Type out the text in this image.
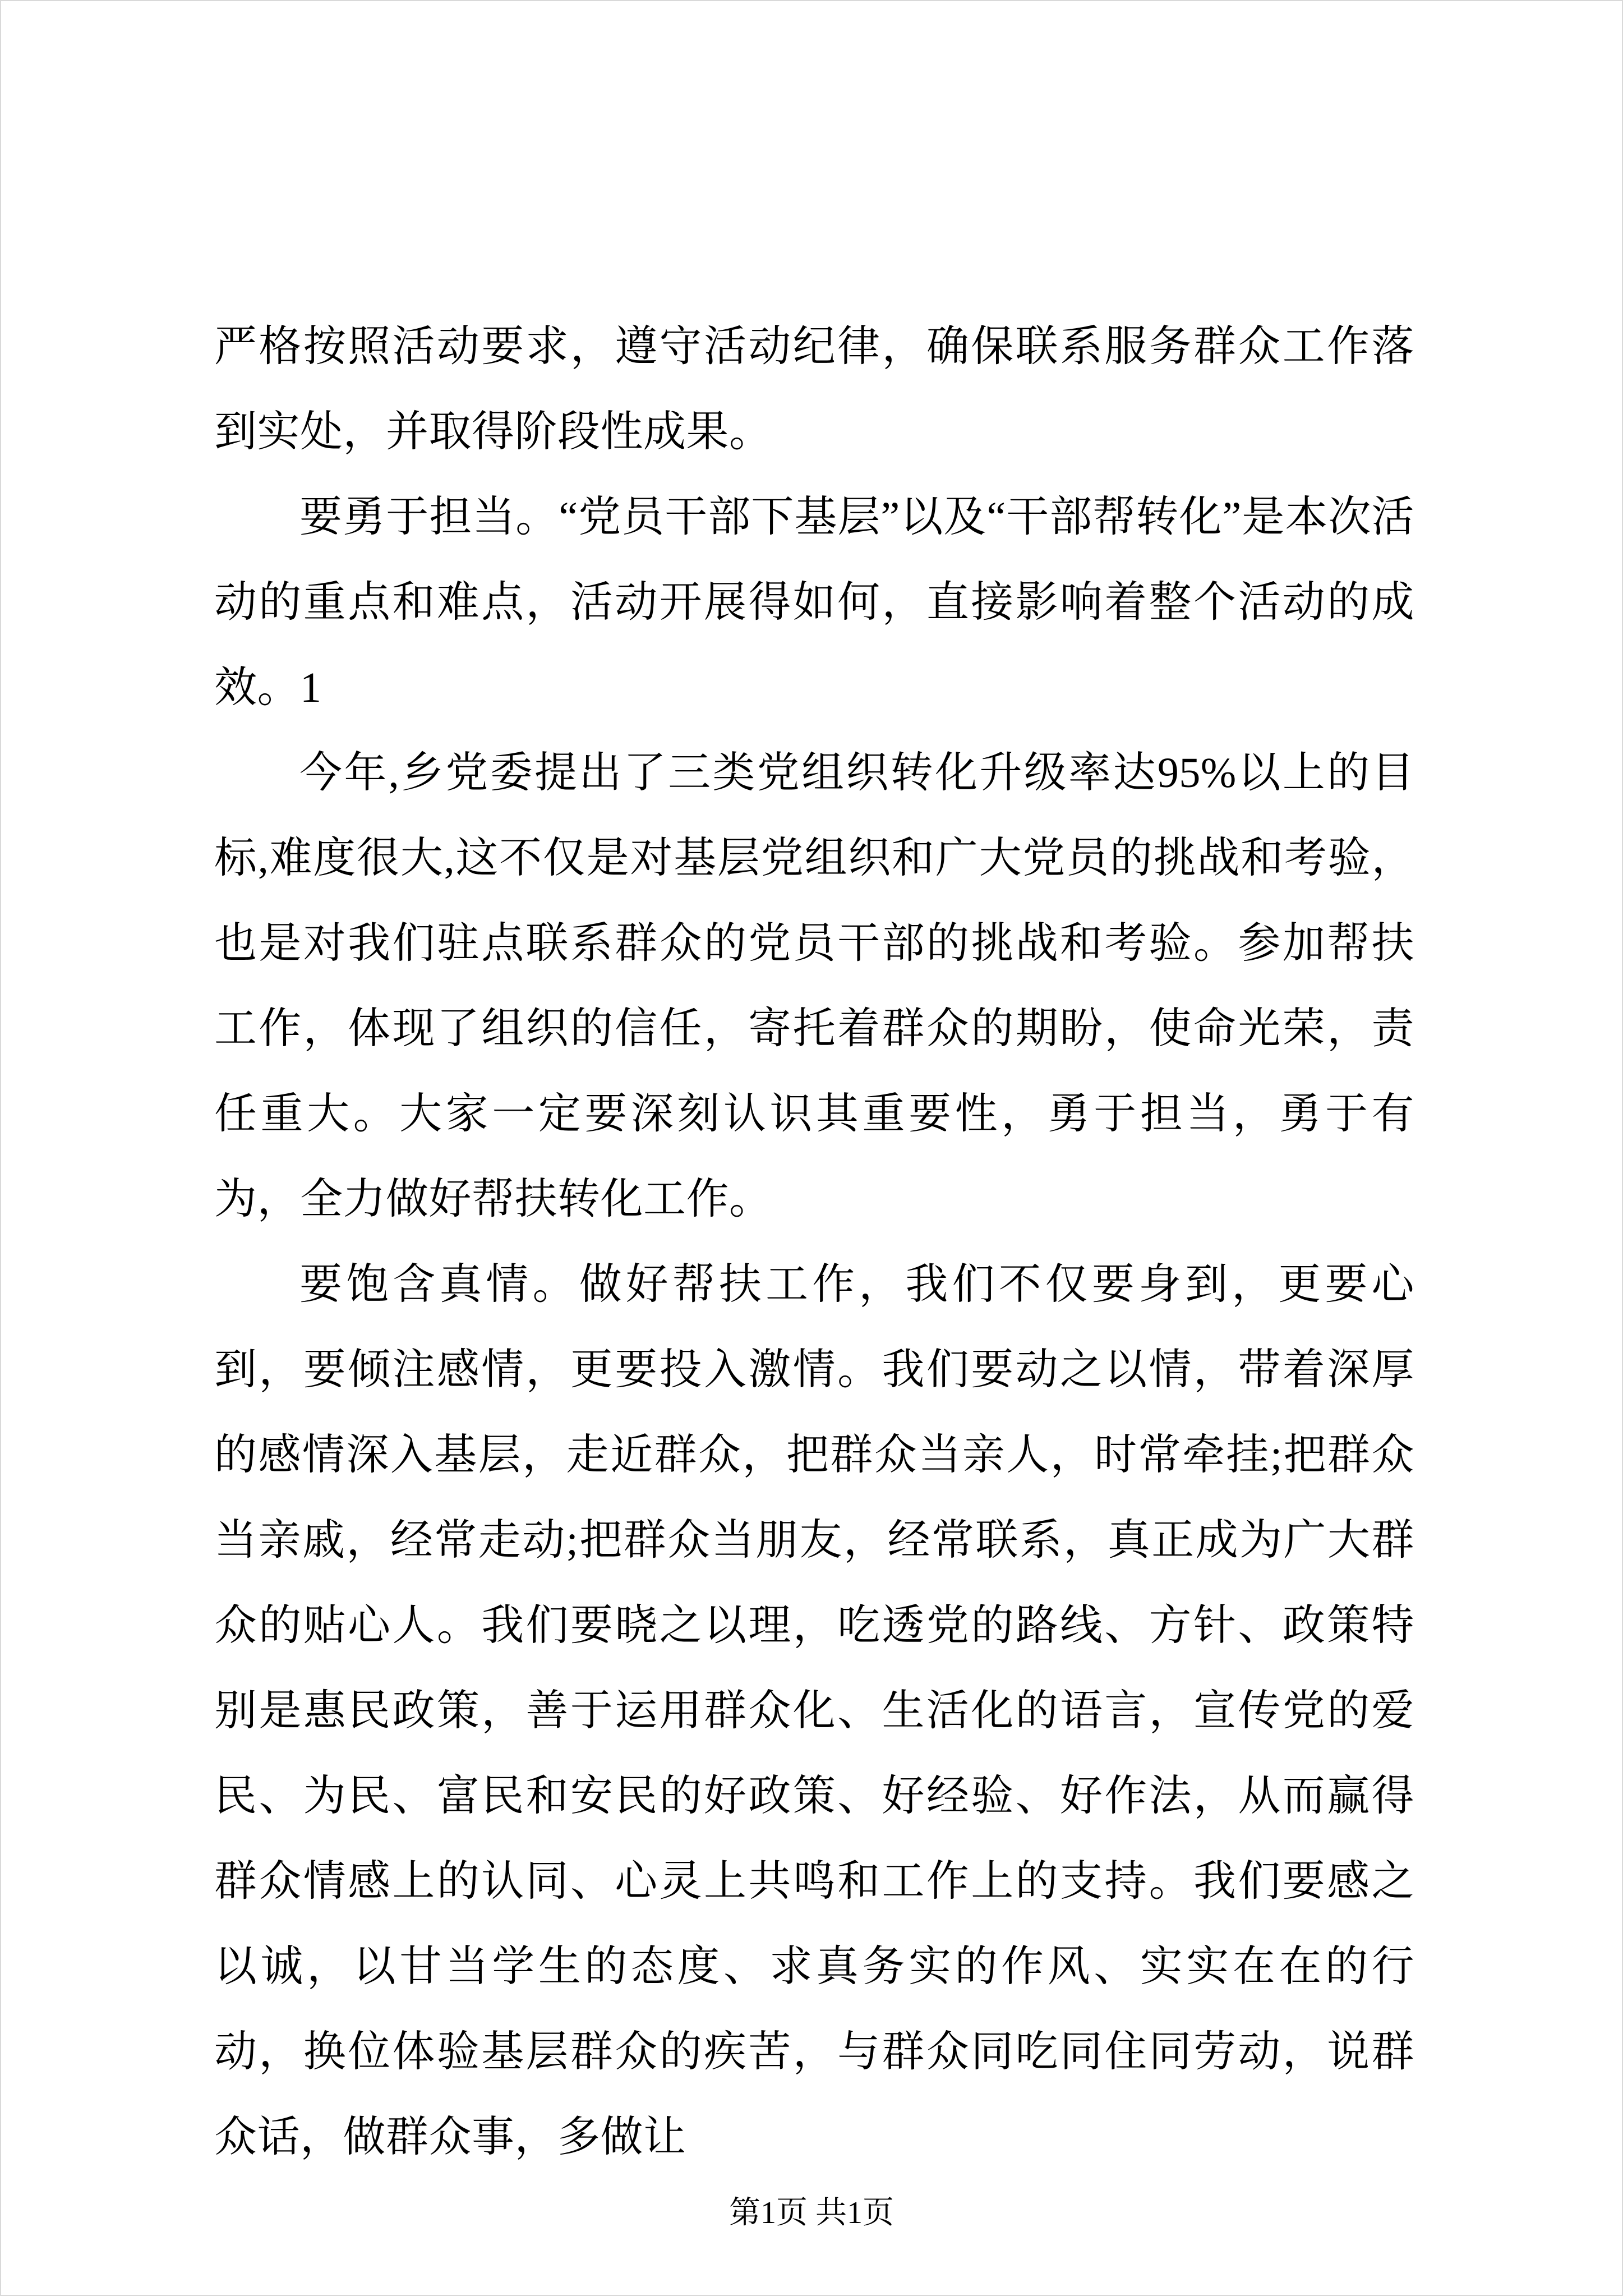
严格按照活动要求，遵守活动纪律，确保联系服务群众工作落到实处，并取得阶段性成果。

要勇于担当。“党员干部下基层”以及“干部帮转化”是本次活动的重点和难点，活动开展得如何，直接影响着整个活动的成效。1

今年,乡党委提出了三类党组织转化升级率达95%以上的目标,难度很大,这不仅是对基层党组织和广大党员的挑战和考验，也是对我们驻点联系群众的党员干部的挑战和考验。参加帮扶工作，体现了组织的信任，寄托着群众的期盼，使命光荣，责任重大。大家一定要深刻认识其重要性，勇于担当，勇于有为，全力做好帮扶转化工作。

要饱含真情。做好帮扶工作，我们不仅要身到，更要心到，要倾注感情，更要投入激情。我们要动之以情，带着深厚的感情深入基层，走近群众，把群众当亲人，时常牵挂;把群众当亲戚，经常走动;把群众当朋友，经常联系，真正成为广大群众的贴心人。我们要晓之以理，吃透党的路线、方针、政策特别是惠民政策，善于运用群众化、生活化的语言，宣传党的爱民、为民、富民和安民的好政策、好经验、好作法，从而赢得群众情感上的认同、心灵上共鸣和工作上的支持。我们要感之以诚，以甘当学生的态度、求真务实的作风、实实在在的行动，换位体验基层群众的疾苦，与群众同吃同住同劳动，说群众话，做群众事，多做让

第1页 共1页
